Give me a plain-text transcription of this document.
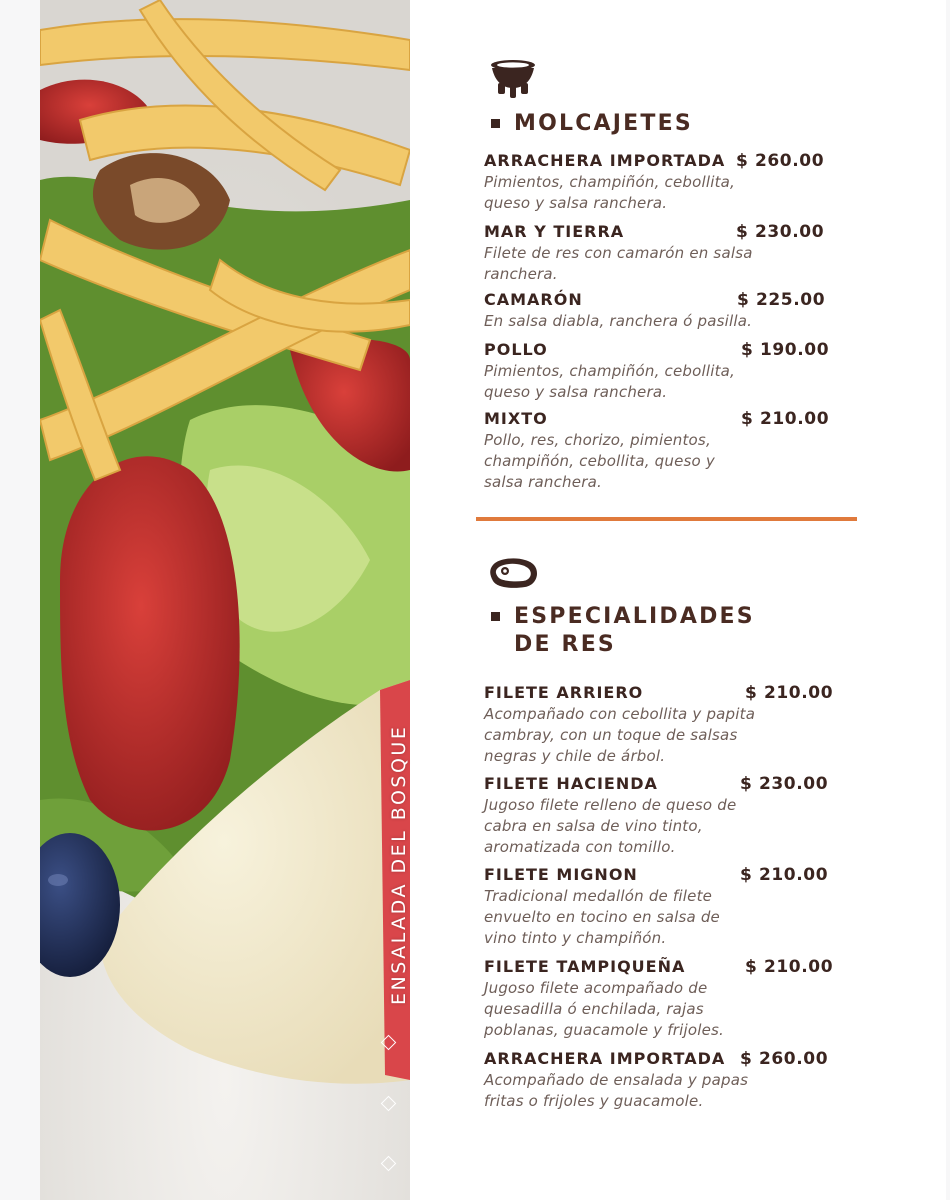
ENSALADA DEL BOSQUE
MOLCAJETES
ARRACHERA IMPORTADA $ 260.00
Pimientos, champiñón, cebollita, queso y salsa ranchera.
MAR Y TIERRA	$ 230.00
Filete de res con camarón en salsa ranchera.
CAMARÓN	$ 225.00
En salsa diabla, ranchera ó pasilla.
POLLO	$ 190.00
Pimientos, champiñón, cebollita, queso y salsa ranchera.
MIXTO	$ 210.00
Pollo, res, chorizo, pimientos, champiñón, cebollita, queso y salsa ranchera.
ESPECIALIDADES
DE RES
FILETE ARRIERO	$ 210.00
Acompañado con cebollita y papita cambray, con un toque de salsas negras y chile de árbol.
FILETE HACIENDA	$ 230.00
Jugoso filete relleno de queso de cabra en salsa de vino tinto, aromatizada con tomillo.
FILETE MIGNON	$ 210.00
Tradicional medallón de filete envuelto en tocino en salsa de vino tinto y champiñón.
FILETE TAMPIQUEÑA	$ 210.00
Jugoso filete acompañado de quesadilla ó enchilada, rajas poblanas, guacamole y frijoles.
ARRACHERA IMPORTADA $ 260.00
Acompañado de ensalada y papas fritas o frijoles y guacamole.
